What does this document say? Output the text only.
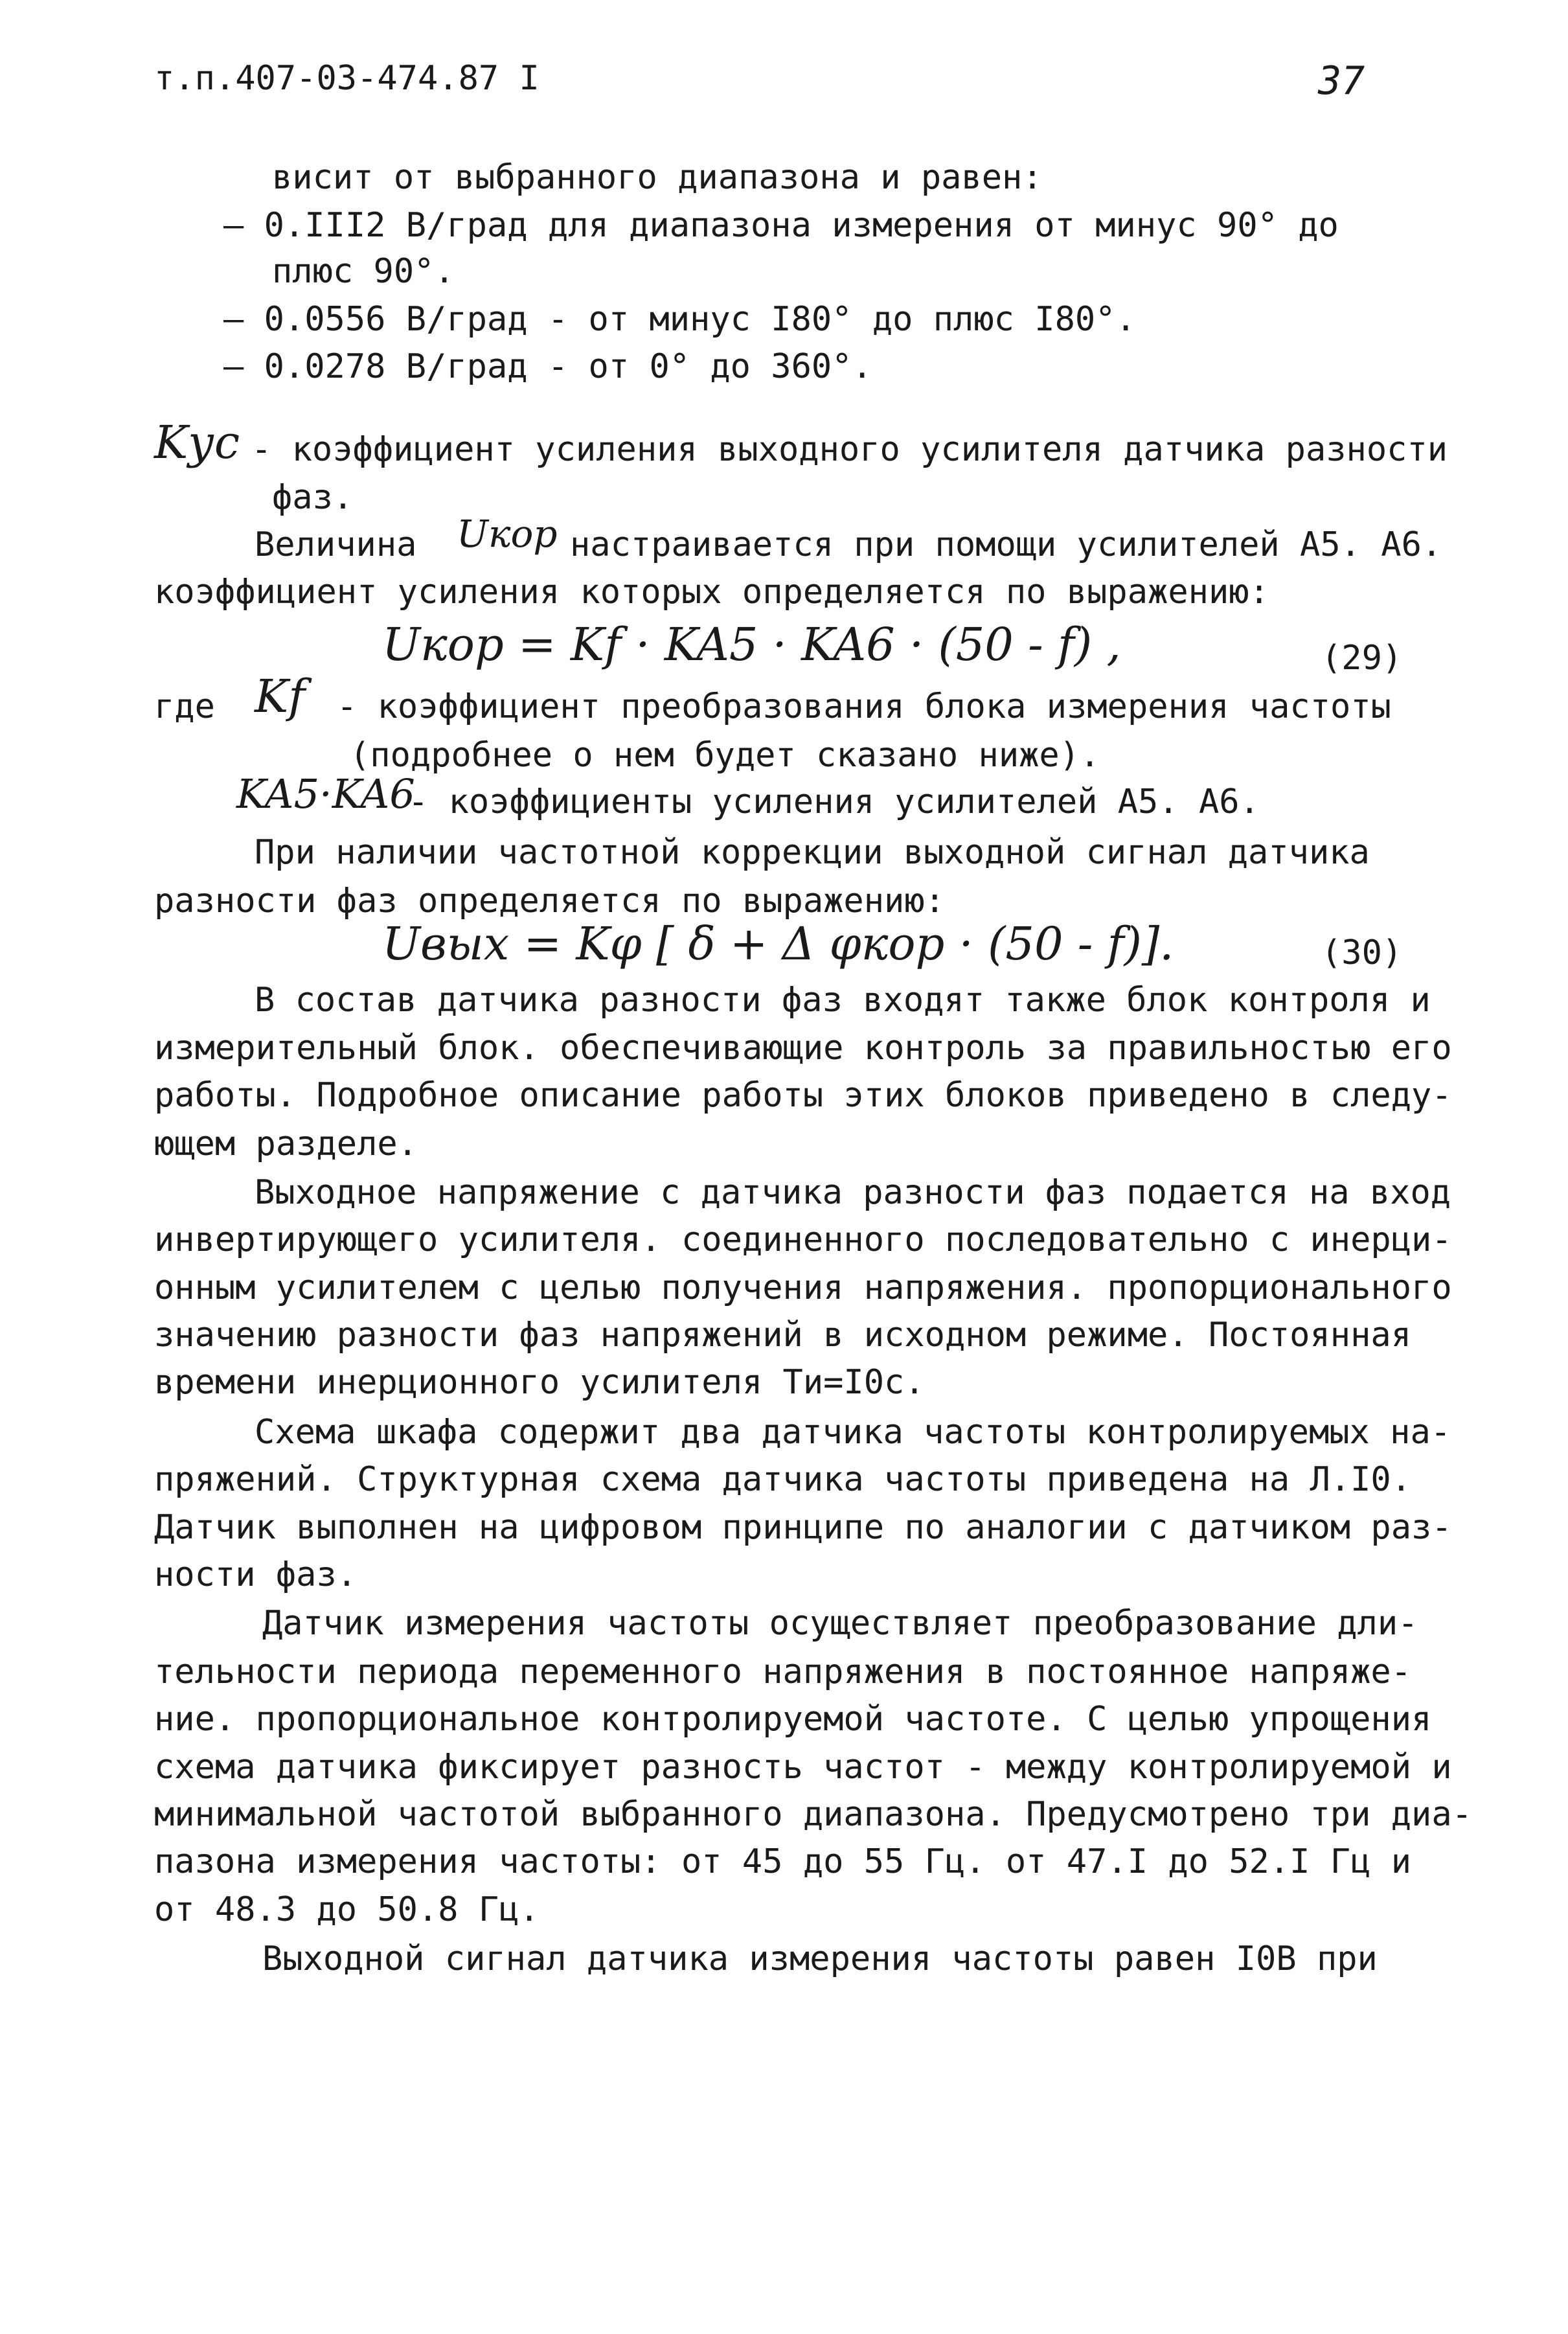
т.п.407-03-474.87 I	37
висит от выбранного диапазона и равен:
– 0.III2 В/град для диапазона измерения от минус 90° до
плюс 90°.
– 0.0556 В/град - от минус I80° до плюс I80°.
– 0.0278 В/град - от 0° до 360°.
Kус - коэффициент усиления выходного усилителя датчика разности
фаз.
Величина Uкор настраивается при помощи усилителей А5. А6.
коэффициент усиления которых определяется по выражению:
Uкор = Kf · KA5 · KA6 · (50 - f) ,	(29)
где Kf - коэффициент преобразования блока измерения частоты
(подробнее о нем будет сказано ниже).
KA5·KA6
- коэффициенты усиления усилителей А5. А6.
При наличии частотной коррекции выходной сигнал датчика
разности фаз определяется по выражению:
Uвых = Kφ [ δ + Δ φкор · (50 - f)].	(30)
В состав датчика разности фаз входят также блок контроля и
измерительный блок. обеспечивающие контроль за правильностью его
работы. Подробное описание работы этих блоков приведено в следу-
ющем разделе.
Выходное напряжение с датчика разности фаз подается на вход
инвертирующего усилителя. соединенного последовательно с инерци-
онным усилителем с целью получения напряжения. пропорционального
значению разности фаз напряжений в исходном режиме. Постоянная
времени инерционного усилителя Tи=I0с.
Схема шкафа содержит два датчика частоты контролируемых на-
пряжений. Структурная схема датчика частоты приведена на Л.I0.
Датчик выполнен на цифровом принципе по аналогии с датчиком раз-
ности фаз.
Датчик измерения частоты осуществляет преобразование дли-
тельности периода переменного напряжения в постоянное напряже-
ние. пропорциональное контролируемой частоте. С целью упрощения
схема датчика фиксирует разность частот - между контролируемой и
минимальной частотой выбранного диапазона. Предусмотрено три диа-
пазона измерения частоты: от 45 до 55 Гц. от 47.I до 52.I Гц и
от 48.3 до 50.8 Гц.
Выходной сигнал датчика измерения частоты равен I0В при
